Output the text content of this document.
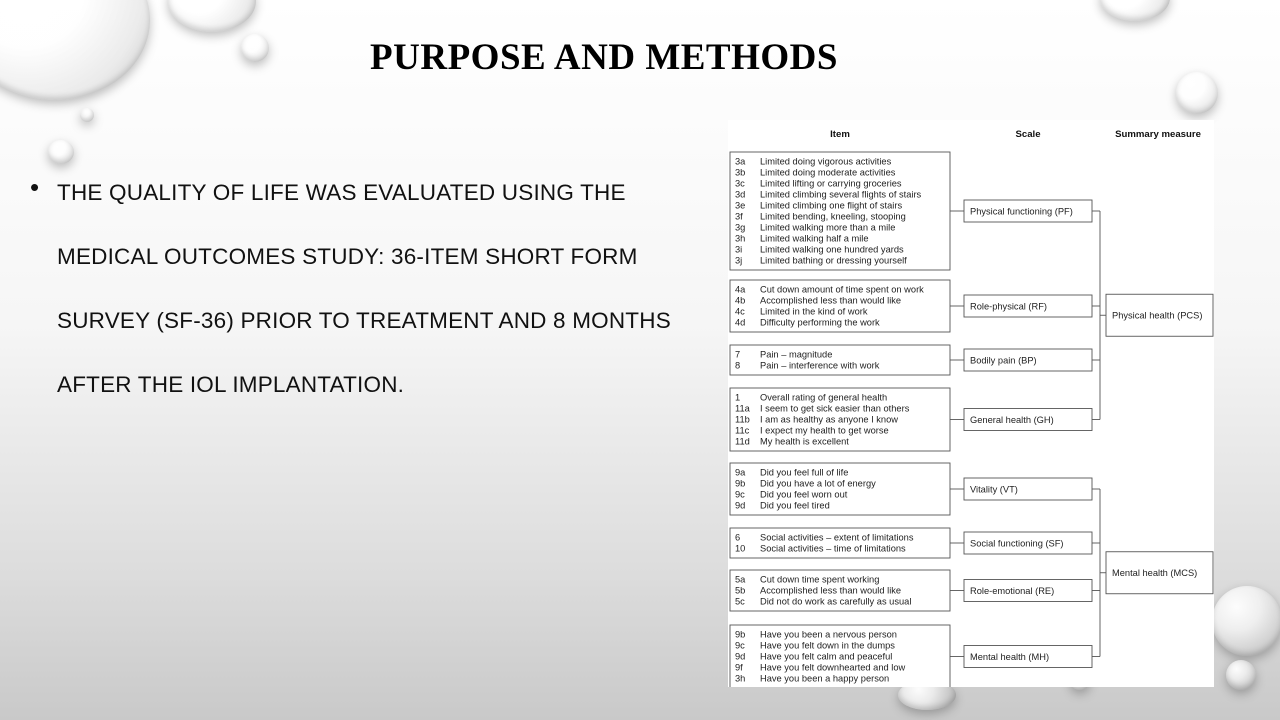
PURPOSE AND METHODS
• THE QUALITY OF LIFE WAS EVALUATED USING THE
MEDICAL OUTCOMES STUDY: 36-ITEM SHORT FORM
SURVEY (SF-36) PRIOR TO TREATMENT AND 8 MONTHS
AFTER THE IOL IMPLANTATION.
Item	Scale	Summary measure
3a Limited doing vigorous activities
3b Limited doing moderate activities
3c Limited lifting or carrying groceries
3d Limited climbing several flights of stairs
3e Limited climbing one flight of stairs
3f Limited bending, kneeling, stooping
3g Limited walking more than a mile
3h Limited walking half a mile
3i Limited walking one hundred yards
3j Limited bathing or dressing yourself
Physical functioning (PF)
4a Cut down amount of time spent on work
4b Accomplished less than would like
4c Limited in the kind of work
4d Difficulty performing the work
Role-physical (RF)
7 Pain – magnitude
8 Pain – interference with work
Bodily pain (BP)
1 Overall rating of general health
11a I seem to get sick easier than others
11b I am as healthy as anyone I know
11c I expect my health to get worse
11d My health is excellent
General health (GH)
9a Did you feel full of life
9b Did you have a lot of energy
9c Did you feel worn out
9d Did you feel tired
Vitality (VT)
6 Social activities – extent of limitations
10 Social activities – time of limitations
Social functioning (SF)
5a Cut down time spent working
5b Accomplished less than would like
5c Did not do work as carefully as usual
Role-emotional (RE)
9b Have you been a nervous person
9c Have you felt down in the dumps
9d Have you felt calm and peaceful
9f Have you felt downhearted and low
3h Have you been a happy person
Mental health (MH)
Physical health (PCS)
Mental health (MCS)
